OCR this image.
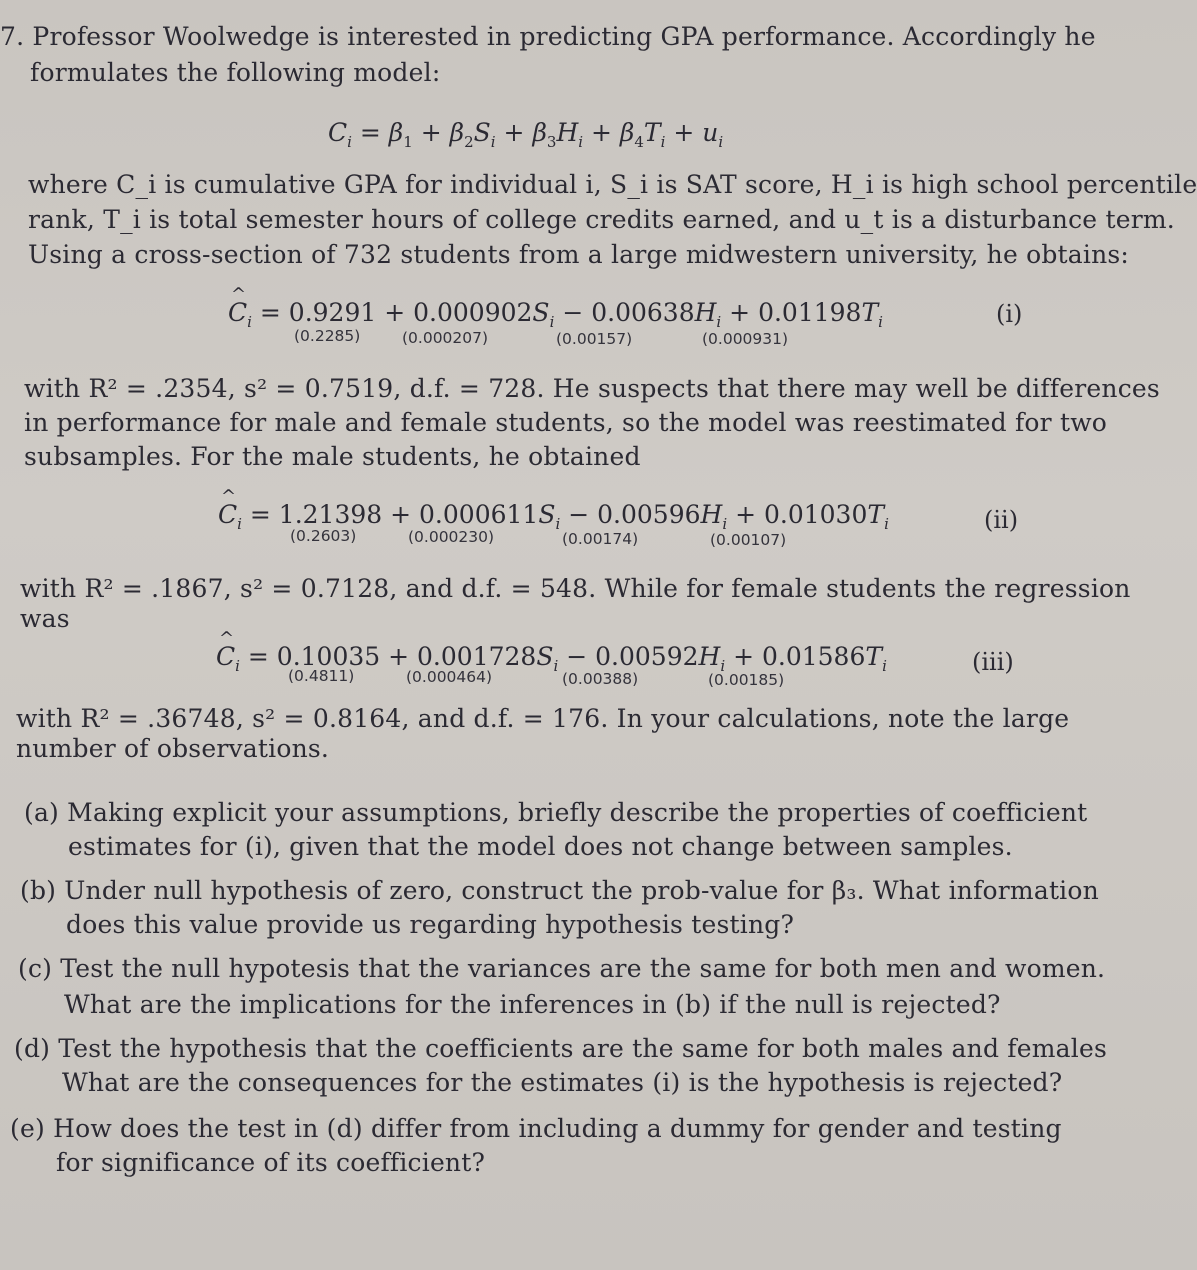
7. Professor Woolwedge is interested in predicting GPA performance. Accordingly he
formulates the following model:
$C_i = \beta_1 + \beta_2S_i + \beta_3H_i + \beta_4T_i + u_i$
where C_i is cumulative GPA for individual i, S_i is SAT score, H_i is high school percentile
rank, T_i is total semester hours of college credits earned, and u_t is a disturbance term.
Using a cross-section of 732 students from a large midwestern university, he obtains:
^ $C_i = 0.9291 + 0.000902S_i - 0.00638H_i + 0.01198T_i$
(0.2285)	(0.000207)	(0.00157)	(0.000931)
(i)
with R² = .2354, s² = 0.7519, d.f. = 728. He suspects that there may well be differences
in performance for male and female students, so the model was reestimated for two
subsamples. For the male students, he obtained
^ $C_i = 1.21398 + 0.000611S_i - 0.00596H_i + 0.01030T_i$
(0.2603)	(0.000230)	(0.00174)	(0.00107)
(ii)
with R² = .1867, s² = 0.7128, and d.f. = 548. While for female students the regression
was
^ $C_i = 0.10035 + 0.001728S_i - 0.00592H_i + 0.01586T_i$
(0.4811)	(0.000464)	(0.00388)	(0.00185)
(iii)
with R² = .36748, s² = 0.8164, and d.f. = 176. In your calculations, note the large
number of observations.
(a) Making explicit your assumptions, briefly describe the properties of coefficient
estimates for (i), given that the model does not change between samples.
(b) Under null hypothesis of zero, construct the prob-value for β₃. What information
does this value provide us regarding hypothesis testing?
(c) Test the null hypotesis that the variances are the same for both men and women.
What are the implications for the inferences in (b) if the null is rejected?
(d) Test the hypothesis that the coefficients are the same for both males and females
What are the consequences for the estimates (i) is the hypothesis is rejected?
(e) How does the test in (d) differ from including a dummy for gender and testing
for significance of its coefficient?
